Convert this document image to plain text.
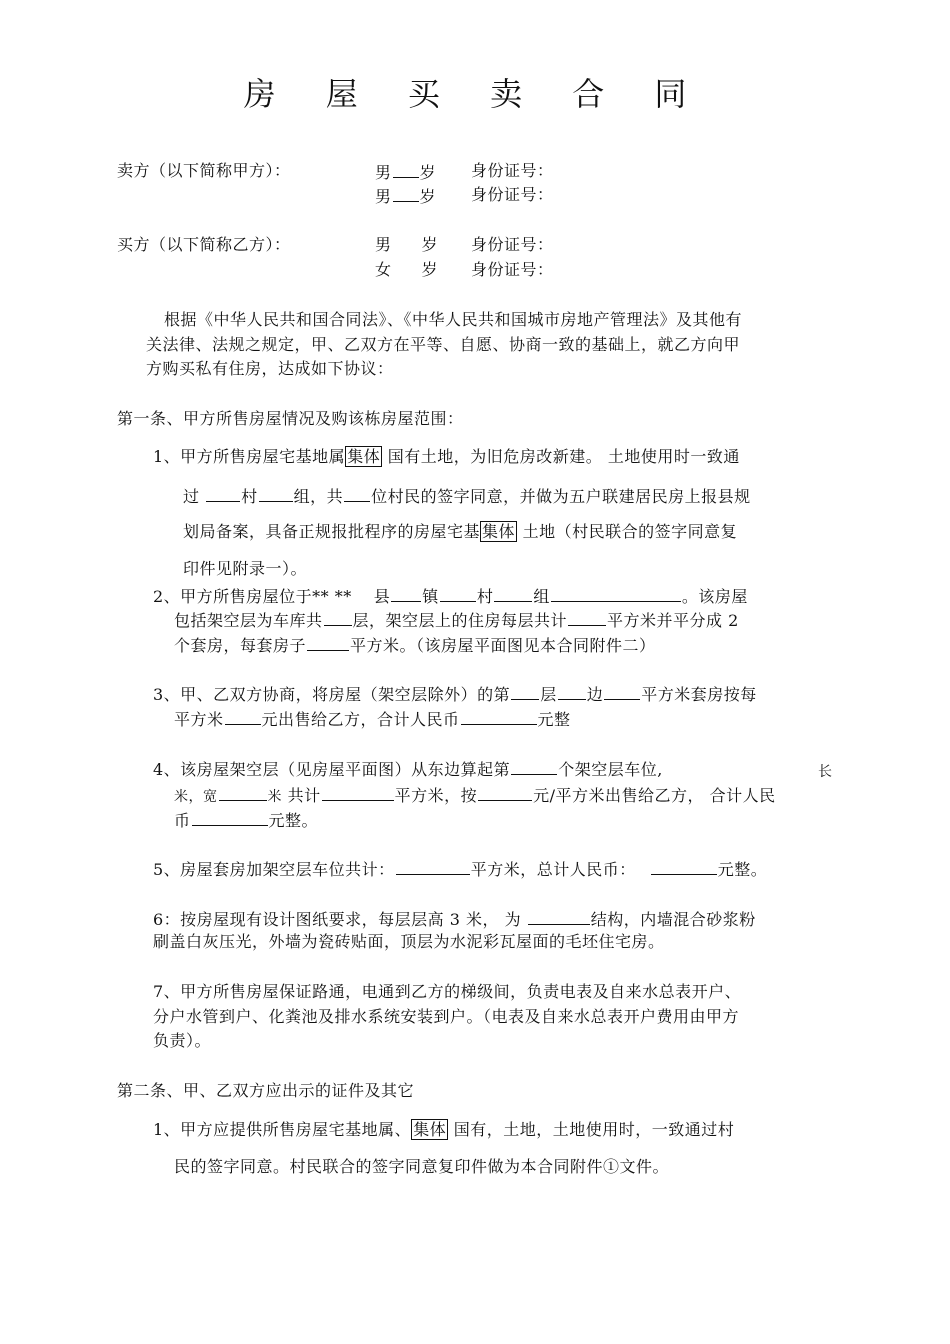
房 屋 买 卖 合 同
卖方（以下简称甲方）：	男 岁 身份证号：
男 岁 身份证号：
买方（以下简称乙方）：	男 岁 身份证号：
女 岁 身份证号：
根据《中华人民共和国合同法》、《中华人民共和国城市房地产管理法》及其他有
关法律、法规之规定，甲、乙双方在平等、自愿、协商一致的基础上，就乙方向甲
方购买私有住房，达成如下协议：
第一条、甲方所售房屋情况及购该栋房屋范围：
1、甲方所售房屋宅基地属 集体 国有土地，为旧危房改新建。 土地使用时一致通
过 村 组，共 位村民的签字同意，并做为五户联建居民房上报县规
划局备案，具备正规报批程序的房屋宅基 集体 土地（村民联合的签字同意复
印件见附录一）。
2、甲方所售房屋位于** ** 县 镇 村	组	。该房屋
包括架空层为车库共 层，架空层上的住房每层共计	平方米并平分成 2
个套房，每套房子	平方米。（该房屋平面图见本合同附件二）
3、甲、乙双方协商，将房屋（架空层除外）的第 层 边 平方米套房按每
平方米 元出售给乙方，合计人民币	元整
4、该房屋架空层（见房屋平面图）从东边算起第	个架空层车位,	长
米，宽	米 共计	平方米，按	元/平方米出售给乙方， 合计人民
币	元整。
5、房屋套房加架空层车位共计：	平方米，总计人民币：	元整。
6：按房屋现有设计图纸要求，每层层高 3 米， 为	结构，内墙混合砂浆粉
刷盖白灰压光，外墙为瓷砖贴面，顶层为水泥彩瓦屋面的毛坯住宅房。
7、甲方所售房屋保证路通，电通到乙方的梯级间，负责电表及自来水总表开户、
分户水管到户、化粪池及排水系统安装到户。（电表及自来水总表开户费用由甲方
负责）。
第二条、甲、乙双方应出示的证件及其它
1、甲方应提供所售房屋宅基地属、 集体 国有，土地，土地使用时，一致通过村
民的签字同意。村民联合的签字同意复印件做为本合同附件①文件。
